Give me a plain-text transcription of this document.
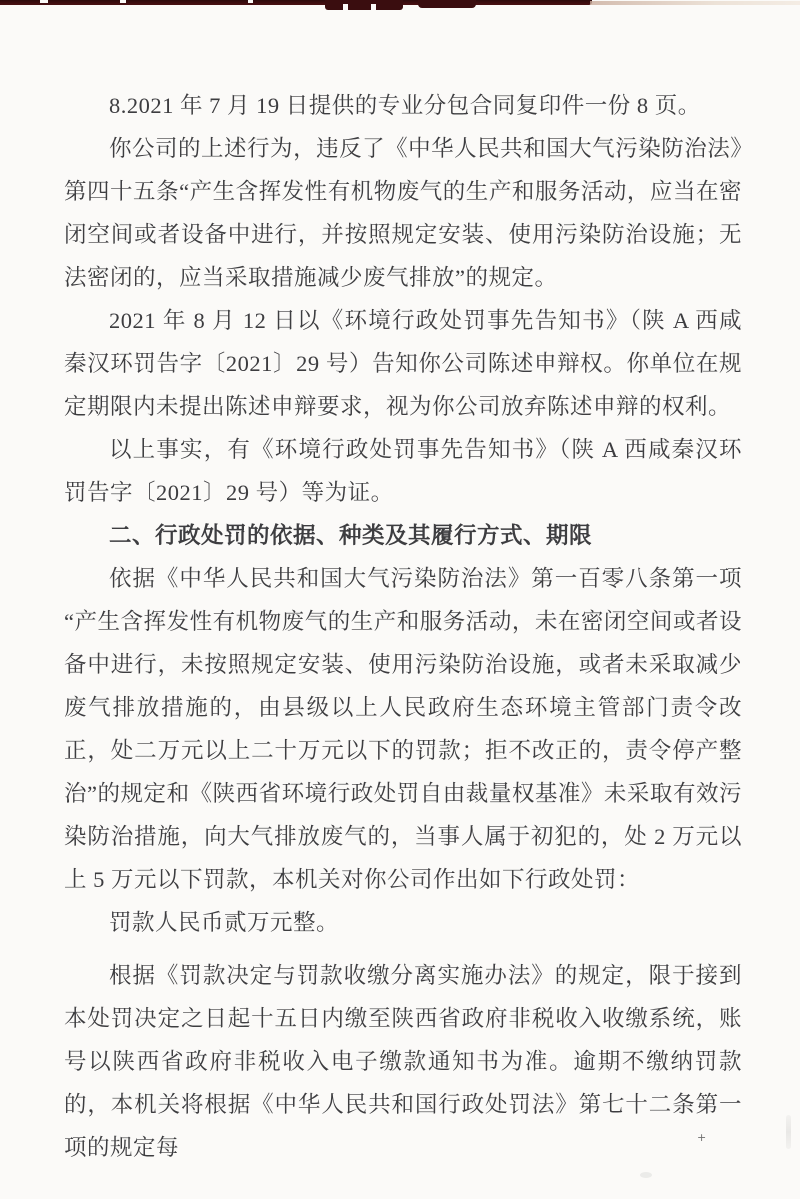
8.2021 年 7 月 19 日提供的专业分包合同复印件一份 8 页。

你公司的上述行为，违反了《中华人民共和国大气污染防治法》第四十五条“产生含挥发性有机物废气的生产和服务活动，应当在密闭空间或者设备中进行，并按照规定安装、使用污染防治设施；无法密闭的，应当采取措施减少废气排放”的规定。

2021 年 8 月 12 日以《环境行政处罚事先告知书》（陕 A 西咸秦汉环罚告字〔2021〕29 号）告知你公司陈述申辩权。你单位在规定期限内未提出陈述申辩要求，视为你公司放弃陈述申辩的权利。

以上事实，有《环境行政处罚事先告知书》（陕 A 西咸秦汉环罚告字〔2021〕29 号）等为证。

二、行政处罚的依据、种类及其履行方式、期限

依据《中华人民共和国大气污染防治法》第一百零八条第一项“产生含挥发性有机物废气的生产和服务活动，未在密闭空间或者设备中进行，未按照规定安装、使用污染防治设施，或者未采取减少废气排放措施的，由县级以上人民政府生态环境主管部门责令改正，处二万元以上二十万元以下的罚款；拒不改正的，责令停产整治”的规定和《陕西省环境行政处罚自由裁量权基准》未采取有效污染防治措施，向大气排放废气的，当事人属于初犯的，处 2 万元以上 5 万元以下罚款，本机关对你公司作出如下行政处罚：

罚款人民币贰万元整。

根据《罚款决定与罚款收缴分离实施办法》的规定，限于接到本处罚决定之日起十五日内缴至陕西省政府非税收入收缴系统，账号以陕西省政府非税收入电子缴款通知书为准。逾期不缴纳罚款的，本机关将根据《中华人民共和国行政处罚法》第七十二条第一项的规定每	+
